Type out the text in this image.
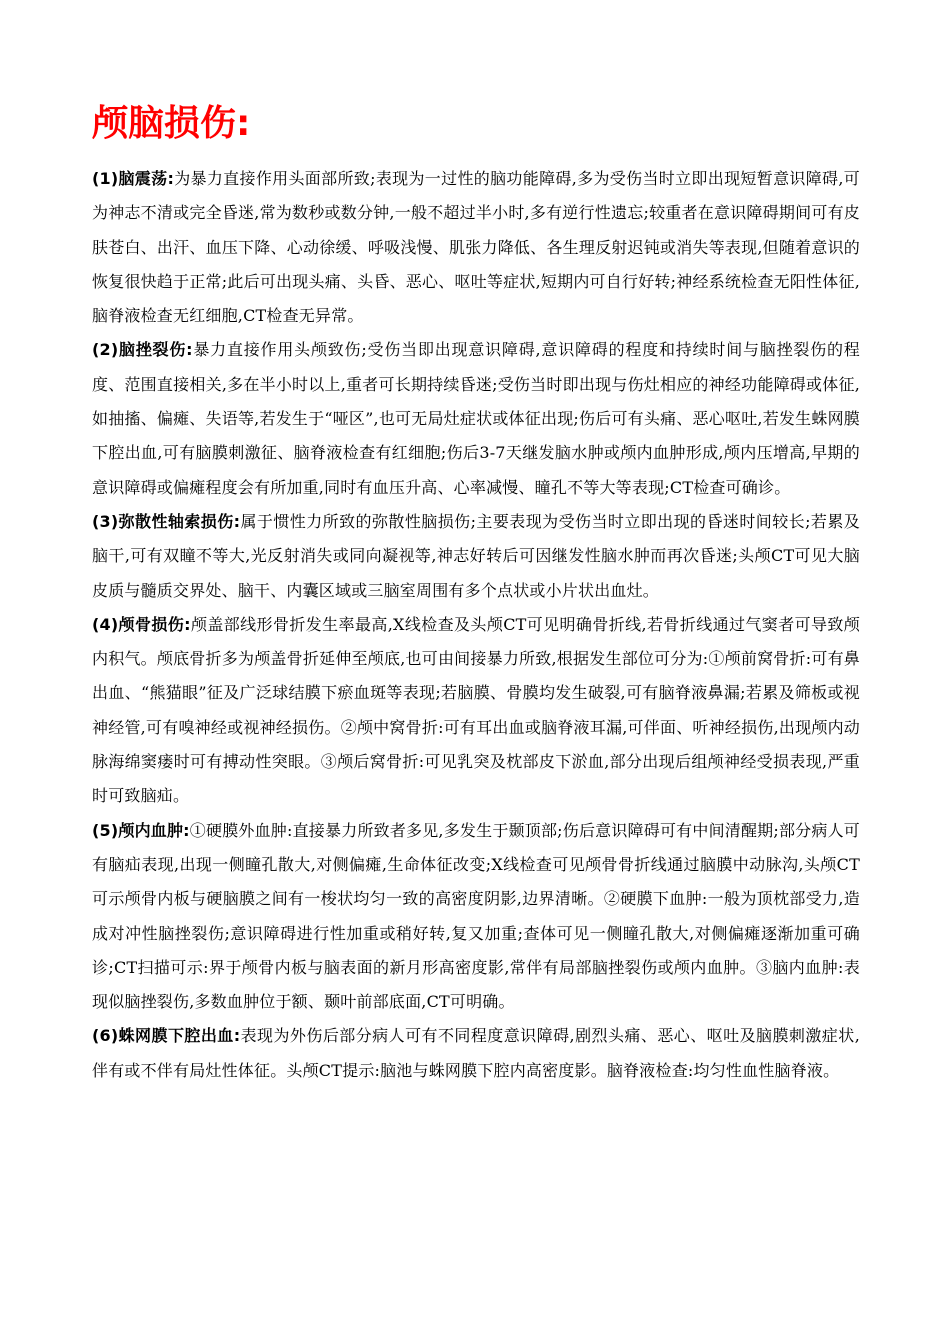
颅脑损伤:

(1)脑震荡:为暴力直接作用头面部所致;表现为一过性的脑功能障碍,多为受伤当时立即出现短暂意识障碍,可为神志不清或完全昏迷,常为数秒或数分钟,一般不超过半小时,多有逆行性遗忘;较重者在意识障碍期间可有皮肤苍白、出汗、血压下降、心动徐缓、呼吸浅慢、肌张力降低、各生理反射迟钝或消失等表现,但随着意识的恢复很快趋于正常;此后可出现头痛、头昏、恶心、呕吐等症状,短期内可自行好转;神经系统检查无阳性体征,脑脊液检查无红细胞,CT检查无异常。

(2)脑挫裂伤:暴力直接作用头颅致伤;受伤当即出现意识障碍,意识障碍的程度和持续时间与脑挫裂伤的程度、范围直接相关,多在半小时以上,重者可长期持续昏迷;受伤当时即出现与伤灶相应的神经功能障碍或体征,如抽搐、偏瘫、失语等,若发生于“哑区”,也可无局灶症状或体征出现;伤后可有头痛、恶心呕吐,若发生蛛网膜下腔出血,可有脑膜刺激征、脑脊液检查有红细胞;伤后3-7天继发脑水肿或颅内血肿形成,颅内压增高,早期的意识障碍或偏瘫程度会有所加重,同时有血压升高、心率减慢、瞳孔不等大等表现;CT检查可确诊。

(3)弥散性轴索损伤:属于惯性力所致的弥散性脑损伤;主要表现为受伤当时立即出现的昏迷时间较长;若累及脑干,可有双瞳不等大,光反射消失或同向凝视等,神志好转后可因继发性脑水肿而再次昏迷;头颅CT可见大脑皮质与髓质交界处、脑干、内囊区域或三脑室周围有多个点状或小片状出血灶。

(4)颅骨损伤:颅盖部线形骨折发生率最高,X线检查及头颅CT可见明确骨折线,若骨折线通过气窦者可导致颅内积气。颅底骨折多为颅盖骨折延伸至颅底,也可由间接暴力所致,根据发生部位可分为:①颅前窝骨折:可有鼻出血、“熊猫眼”征及广泛球结膜下瘀血斑等表现;若脑膜、骨膜均发生破裂,可有脑脊液鼻漏;若累及筛板或视神经管,可有嗅神经或视神经损伤。②颅中窝骨折:可有耳出血或脑脊液耳漏,可伴面、听神经损伤,出现颅内动脉海绵窦瘘时可有搏动性突眼。③颅后窝骨折:可见乳突及枕部皮下淤血,部分出现后组颅神经受损表现,严重时可致脑疝。

(5)颅内血肿:①硬膜外血肿:直接暴力所致者多见,多发生于颞顶部;伤后意识障碍可有中间清醒期;部分病人可有脑疝表现,出现一侧瞳孔散大,对侧偏瘫,生命体征改变;X线检查可见颅骨骨折线通过脑膜中动脉沟,头颅CT可示颅骨内板与硬脑膜之间有一梭状均匀一致的高密度阴影,边界清晰。②硬膜下血肿:一般为顶枕部受力,造成对冲性脑挫裂伤;意识障碍进行性加重或稍好转,复又加重;查体可见一侧瞳孔散大,对侧偏瘫逐渐加重可确诊;CT扫描可示:界于颅骨内板与脑表面的新月形高密度影,常伴有局部脑挫裂伤或颅内血肿。③脑内血肿:表现似脑挫裂伤,多数血肿位于额、颞叶前部底面,CT可明确。

(6)蛛网膜下腔出血:表现为外伤后部分病人可有不同程度意识障碍,剧烈头痛、恶心、呕吐及脑膜刺激症状,伴有或不伴有局灶性体征。头颅CT提示:脑池与蛛网膜下腔内高密度影。脑脊液检查:均匀性血性脑脊液。
